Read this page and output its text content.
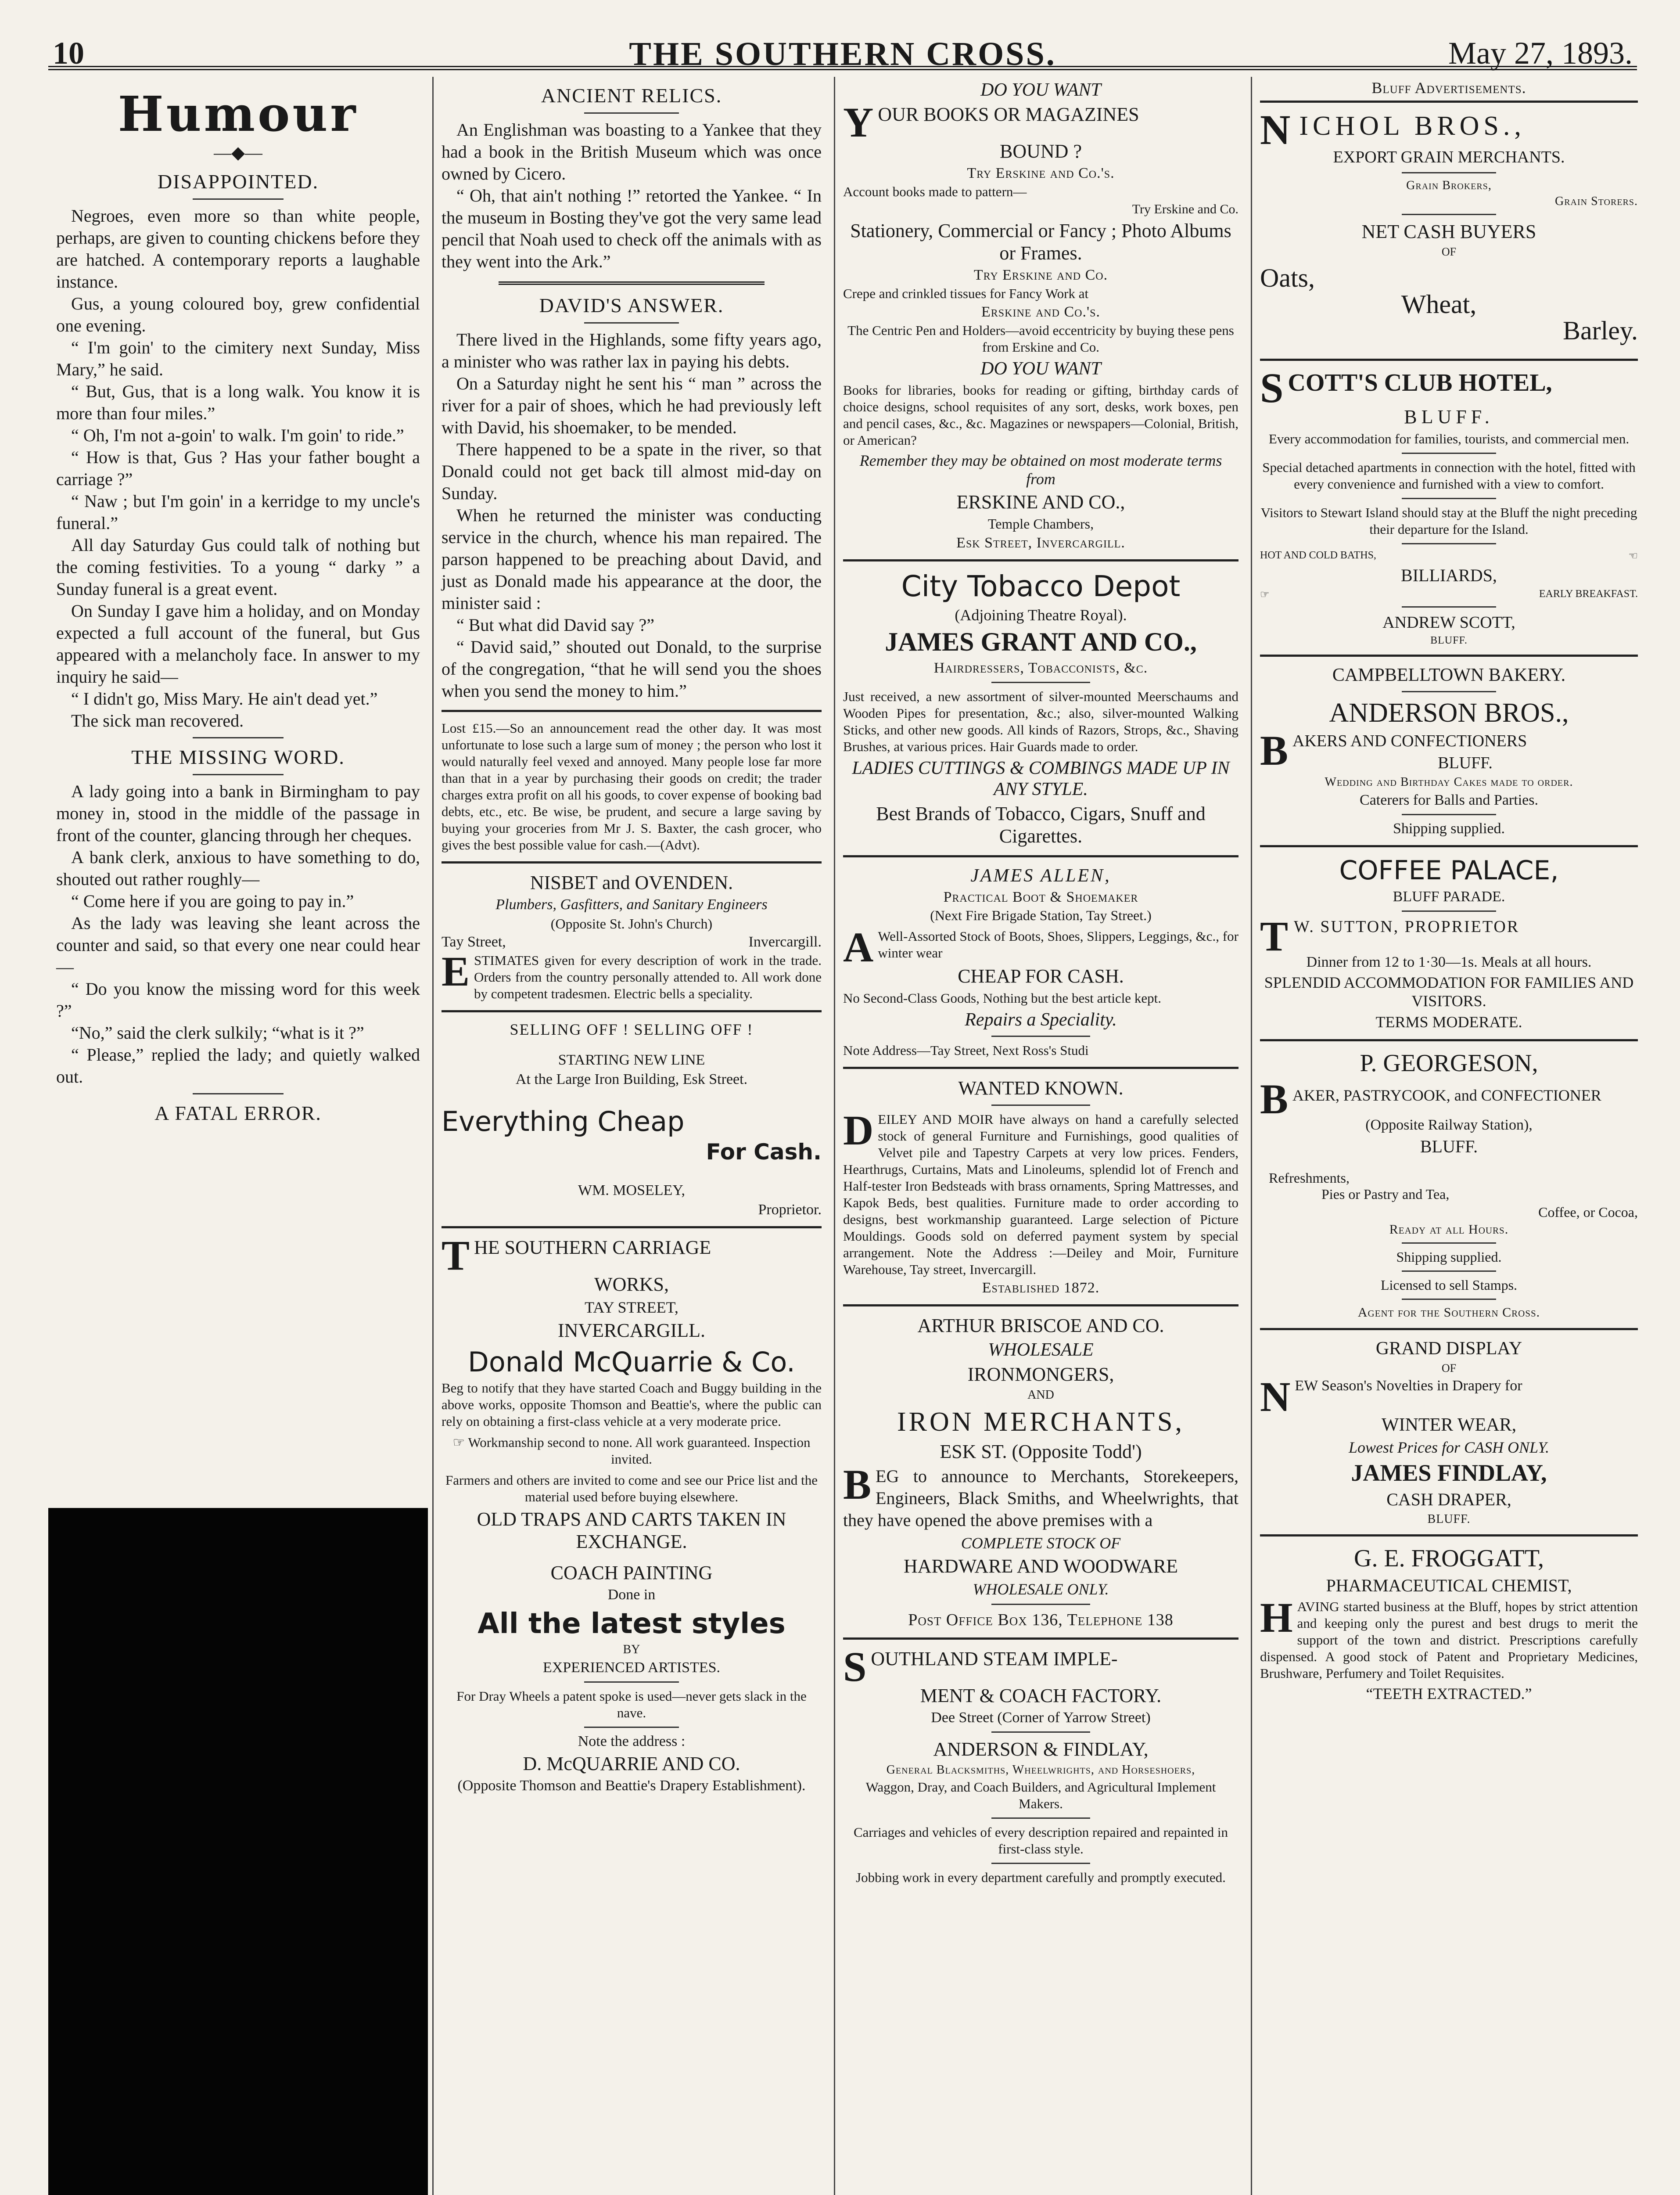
10	THE SOUTHERN CROSS.	May 27, 1893.
Humour
—◆—
DISAPPOINTED.

Negroes, even more so than white people, perhaps, are given to counting chickens before they are hatched. A contemporary reports a laughable instance.

Gus, a young coloured boy, grew confidential one evening.

“ I'm goin' to the cimitery next Sunday, Miss Mary,” he said.

“ But, Gus, that is a long walk. You know it is more than four miles.”

“ Oh, I'm not a-goin' to walk. I'm goin' to ride.”

“ How is that, Gus ? Has your father bought a carriage ?”

“ Naw ; but I'm goin' in a kerridge to my uncle's funeral.”

All day Saturday Gus could talk of nothing but the coming festivities. To a young “ darky ” a Sunday funeral is a great event.

On Sunday I gave him a holiday, and on Monday expected a full account of the funeral, but Gus appeared with a melancholy face. In answer to my inquiry he said—

“ I didn't go, Miss Mary. He ain't dead yet.”

The sick man recovered.

THE MISSING WORD.

A lady going into a bank in Birmingham to pay money in, stood in the middle of the passage in front of the counter, glancing through her cheques.

A bank clerk, anxious to have something to do, shouted out rather roughly—

“ Come here if you are going to pay in.”

As the lady was leaving she leant across the counter and said, so that every one near could hear—

“ Do you know the missing word for this week ?”

“No,” said the clerk sulkily; “what is it ?”

“ Please,” replied the lady; and quietly walked out.

A FATAL ERROR.

ANCIENT RELICS.

An Englishman was boasting to a Yankee that they had a book in the British Museum which was once owned by Cicero.

“ Oh, that ain't nothing !” retorted the Yankee. “ In the museum in Bosting they've got the very same lead pencil that Noah used to check off the animals with as they went into the Ark.”

DAVID'S ANSWER.

There lived in the Highlands, some fifty years ago, a minister who was rather lax in paying his debts.

On a Saturday night he sent his “ man ” across the river for a pair of shoes, which he had previously left with David, his shoemaker, to be mended.

There happened to be a spate in the river, so that Donald could not get back till almost mid-day on Sunday.

When he returned the minister was conducting service in the church, whence his man repaired. The parson happened to be preaching about David, and just as Donald made his appearance at the door, the minister said :

“ But what did David say ?”

“ David said,” shouted out Donald, to the surprise of the congregation, “that he will send you the shoes when you send the money to him.”

Lost £15.—So an announcement read the other day. It was most unfortunate to lose such a large sum of money ; the person who lost it would naturally feel vexed and annoyed. Many people lose far more than that in a year by purchasing their goods on credit; the trader charges extra profit on all his goods, to cover expense of booking bad debts, etc., etc. Be wise, be prudent, and secure a large saving by buying your groceries from Mr J. S. Baxter, the cash grocer, who gives the best possible value for cash.—(Advt).

NISBET and OVENDEN.
Plumbers, Gasfitters, and Sanitary Engineers
(Opposite St. John's Church)
Tay Street,	Invercargill.

ESTIMATES given for every description of work in the trade. Orders from the country personally attended to. All work done by competent tradesmen. Electric bells a speciality.

SELLING OFF ! SELLING OFF !
STARTING NEW LINE
At the Large Iron Building, Esk Street.
Everything Cheap
For Cash.
WM. MOSELEY,
Proprietor.
THE SOUTHERN CARRIAGE
WORKS,
TAY STREET,
INVERCARGILL.
Donald McQuarrie & Co.

Beg to notify that they have started Coach and Buggy building in the above works, opposite Thomson and Beattie's, where the public can rely on obtaining a first-class vehicle at a very moderate price.

☞ Workmanship second to none. All work guaranteed. Inspection invited.

Farmers and others are invited to come and see our Price list and the material used before buying elsewhere.

OLD TRAPS AND CARTS TAKEN IN EXCHANGE.
COACH PAINTING
Done in
All the latest styles
BY
EXPERIENCED ARTISTES.

For Dray Wheels a patent spoke is used—never gets slack in the nave.

Note the address :
D. McQUARRIE AND CO.
(Opposite Thomson and Beattie's Drapery Establishment).
DO YOU WANT
YOUR BOOKS OR MAGAZINES
BOUND ?
Try Erskine and Co.'s.

Account books made to pattern—

Try Erskine and Co.
Stationery, Commercial or Fancy ; Photo Albums or Frames.
Try Erskine and Co.

Crepe and crinkled tissues for Fancy Work at

Erskine and Co.'s.

The Centric Pen and Holders—avoid eccentricity by buying these pens from Erskine and Co.

DO YOU WANT

Books for libraries, books for reading or gifting, birthday cards of choice designs, school requisites of any sort, desks, work boxes, pen and pencil cases, &c., &c. Magazines or newspapers—Colonial, British, or American?

Remember they may be obtained on most moderate terms from
ERSKINE AND CO.,
Temple Chambers,
Esk Street, Invercargill.
City Tobacco Depot
(Adjoining Theatre Royal).
JAMES GRANT AND CO.,
Hairdressers, Tobacconists, &c.

Just received, a new assortment of silver-mounted Meerschaums and Wooden Pipes for presentation, &c.; also, silver-mounted Walking Sticks, and other new goods. All kinds of Razors, Strops, &c., Shaving Brushes, at various prices. Hair Guards made to order.

LADIES CUTTINGS & COMBINGS MADE UP IN ANY STYLE.
Best Brands of Tobacco, Cigars, Snuff and Cigarettes.
JAMES ALLEN,
Practical Boot & Shoemaker
(Next Fire Brigade Station, Tay Street.)

A Well-Assorted Stock of Boots, Shoes, Slippers, Leggings, &c., for winter wear

CHEAP FOR CASH.

No Second-Class Goods, Nothing but the best article kept.

Repairs a Speciality.

Note Address—Tay Street, Next Ross's Studi

WANTED KNOWN.

DEILEY AND MOIR have always on hand a carefully selected stock of general Furniture and Furnishings, good qualities of Velvet pile and Tapestry Carpets at very low prices. Fenders, Hearthrugs, Curtains, Mats and Linoleums, splendid lot of French and Half-tester Iron Bedsteads with brass ornaments, Spring Mattresses, and Kapok Beds, best qualities. Furniture made to order according to designs, best workmanship guaranteed. Large selection of Picture Mouldings. Goods sold on deferred payment system by special arrangement. Note the Address :—Deiley and Moir, Furniture Warehouse, Tay street, Invercargill.

Established 1872.
ARTHUR BRISCOE AND CO.
WHOLESALE
IRONMONGERS,
AND
IRON MERCHANTS,
ESK ST. (Opposite Todd')

BEG to announce to Merchants, Storekeepers, Engineers, Black Smiths, and Wheelwrights, that they have opened the above premises with a

COMPLETE STOCK OF
HARDWARE AND WOODWARE
WHOLESALE ONLY.
Post Office Box 136, Telephone 138
SOUTHLAND STEAM IMPLE-
MENT & COACH FACTORY.
Dee Street (Corner of Yarrow Street)
ANDERSON & FINDLAY,
General Blacksmiths, Wheelwrights, and Horseshoers,

Waggon, Dray, and Coach Builders, and Agricultural Implement Makers.

Carriages and vehicles of every description repaired and repainted in first-class style.

Jobbing work in every department carefully and promptly executed.

Bluff Advertisements.
NICHOL BROS.,
EXPORT GRAIN MERCHANTS.
Grain Brokers,
Grain Storers.
NET CASH BUYERS
OF
Oats,
Wheat,
Barley.
SCOTT'S CLUB HOTEL,
BLUFF.

Every accommodation for families, tourists, and commercial men.

Special detached apartments in connection with the hotel, fitted with every convenience and furnished with a view to comfort.

Visitors to Stewart Island should stay at the Bluff the night preceding their departure for the Island.

HOT AND COLD BATHS,	☜
BILLIARDS,
☞	EARLY BREAKFAST.
ANDREW SCOTT,
BLUFF.
CAMPBELLTOWN BAKERY.
ANDERSON BROS.,
BAKERS AND CONFECTIONERS
BLUFF.
Wedding and Birthday Cakes made to order.
Caterers for Balls and Parties.
Shipping supplied.
COFFEE PALACE,
BLUFF PARADE.
T W. SUTTON, PROPRIETOR
Dinner from 12 to 1·30—1s. Meals at all hours.
SPLENDID ACCOMMODATION FOR FAMILIES AND VISITORS.
TERMS MODERATE.
P. GEORGESON,
BAKER, PASTRYCOOK, and CONFECTIONER
(Opposite Railway Station),
BLUFF.
Refreshments,
Pies or Pastry and Tea,
Coffee, or Cocoa,
Ready at all Hours.
Shipping supplied.
Licensed to sell Stamps.
Agent for the Southern Cross.
GRAND DISPLAY
OF
NEW Season's Novelties in Drapery for
WINTER WEAR,
Lowest Prices for CASH ONLY.
JAMES FINDLAY,
CASH DRAPER,
BLUFF.
G. E. FROGGATT,
PHARMACEUTICAL CHEMIST,

HAVING started business at the Bluff, hopes by strict attention and keeping only the purest and best drugs to merit the support of the town and district. Prescriptions carefully dispensed. A good stock of Patent and Proprietary Medicines, Brushware, Perfumery and Toilet Requisites.

“TEETH EXTRACTED.”
